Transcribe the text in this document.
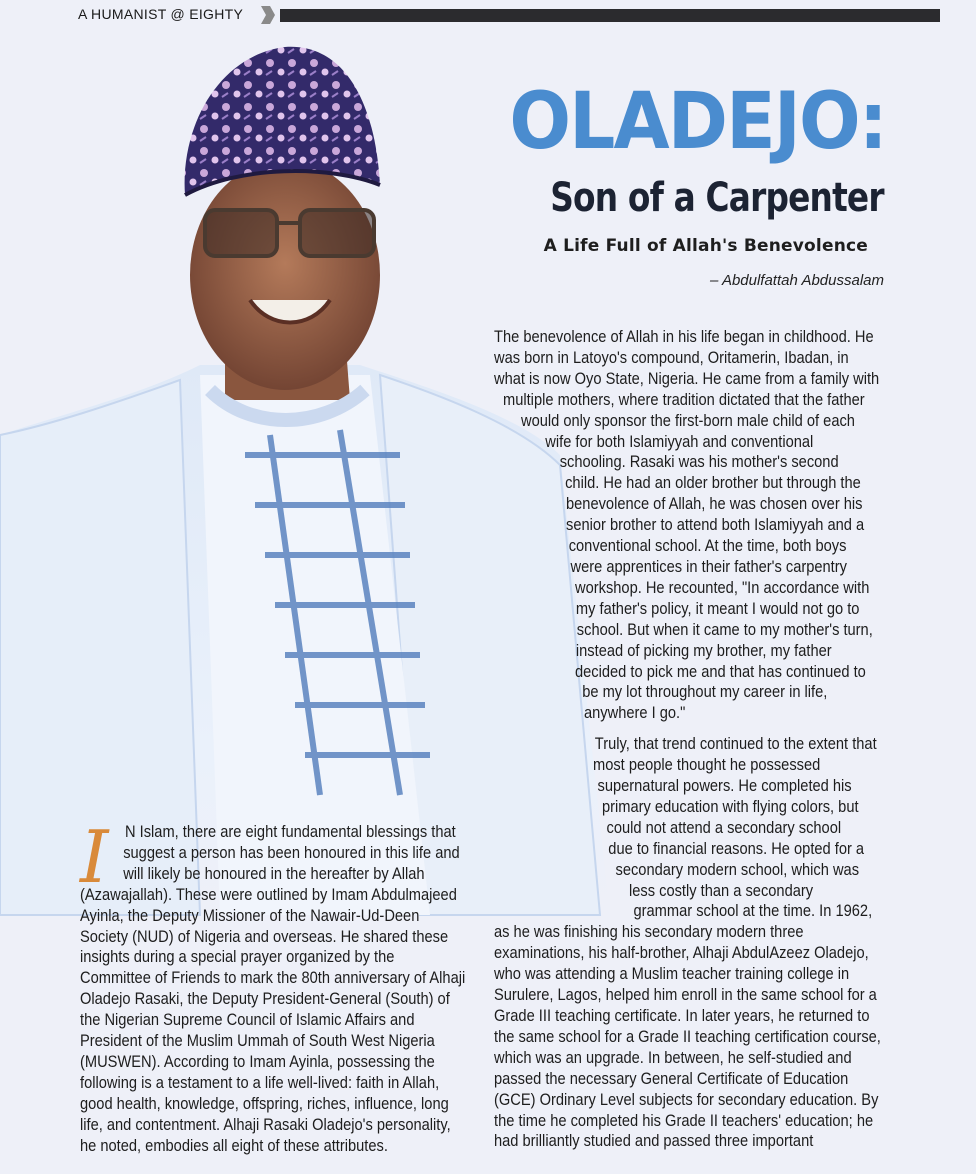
A HUMANIST @ EIGHTY
OLADEJO:
Son of a Carpenter
A Life Full of Allah's Benevolence
– Abdulfattah Abdussalam
The benevolence of Allah in his life began in childhood. He
was born in Latoyo's compound, Oritamerin, Ibadan, in
what is now Oyo State, Nigeria. He came from a family with
multiple mothers, where tradition dictated that the father
would only sponsor the first-born male child of each
wife for both Islamiyyah and conventional
schooling. Rasaki was his mother's second
child. He had an older brother but through the
benevolence of Allah, he was chosen over his
senior brother to attend both Islamiyyah and a
conventional school. At the time, both boys
were apprentices in their father's carpentry
workshop. He recounted, "In accordance with
my father's policy, it meant I would not go to
school. But when it came to my mother's turn,
instead of picking my brother, my father
decided to pick me and that has continued to
be my lot throughout my career in life,
anywhere I go."
Truly, that trend continued to the extent that
most people thought he possessed
supernatural powers. He completed his
primary education with flying colors, but
could not attend a secondary school
due to financial reasons. He opted for a
secondary modern school, which was
less costly than a secondary
grammar school at the time. In 1962,
as he was finishing his secondary modern three
examinations, his half-brother, Alhaji AbdulAzeez Oladejo,
who was attending a Muslim teacher training college in
Surulere, Lagos, helped him enroll in the same school for a
Grade III teaching certificate. In later years, he returned to
the same school for a Grade II teaching certification course,
which was an upgrade. In between, he self-studied and
passed the necessary General Certificate of Education
(GCE) Ordinary Level subjects for secondary education. By
the time he completed his Grade II teachers' education; he
had brilliantly studied and passed three important
I	N Islam, there are eight fundamental blessings that
suggest a person has been honoured in this life and
will likely be honoured in the hereafter by Allah
(Azawajallah). These were outlined by Imam Abdulmajeed
Ayinla, the Deputy Missioner of the Nawair-Ud-Deen
Society (NUD) of Nigeria and overseas. He shared these
insights during a special prayer organized by the
Committee of Friends to mark the 80th anniversary of Alhaji
Oladejo Rasaki, the Deputy President-General (South) of
the Nigerian Supreme Council of Islamic Affairs and
President of the Muslim Ummah of South West Nigeria
(MUSWEN). According to Imam Ayinla, possessing the
following is a testament to a life well-lived: faith in Allah,
good health, knowledge, offspring, riches, influence, long
life, and contentment. Alhaji Rasaki Oladejo's personality,
he noted, embodies all eight of these attributes.
